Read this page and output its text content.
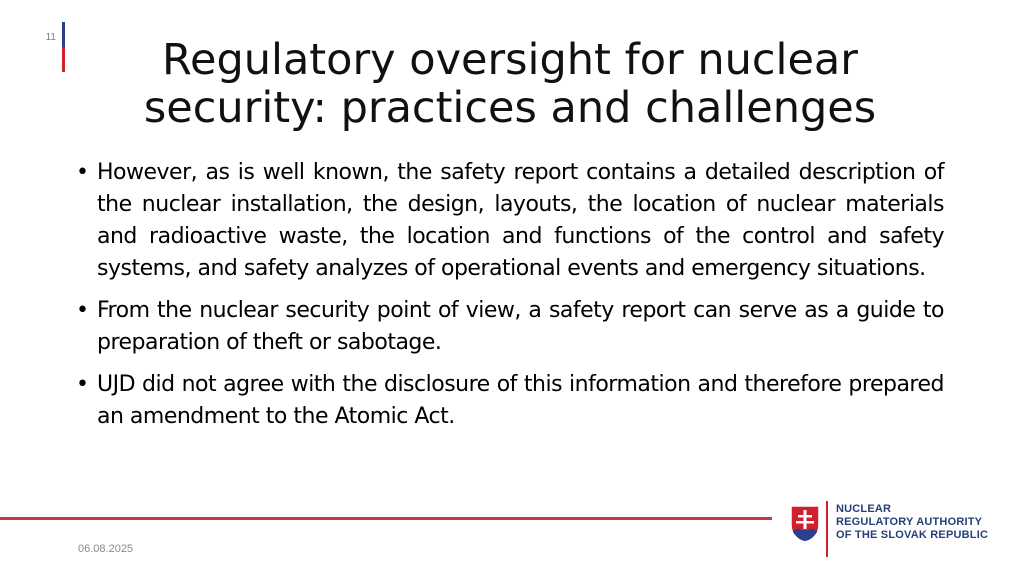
11	Regulatory oversight for nuclear
security: practices and challenges
• However, as is well known, the safety report contains a detailed description of the nuclear installation, the design, layouts, the location of nuclear materials and radioactive waste, the location and functions of the control and safety systems, and safety analyzes of operational events and emergency situations.
• From the nuclear security point of view, a safety report can serve as a guide to preparation of theft or sabotage.
• UJD did not agree with the disclosure of this information and therefore prepared an amendment to the Atomic Act.
06.08.2025
NUCLEAR
REGULATORY AUTHORITY
OF THE SLOVAK REPUBLIC
